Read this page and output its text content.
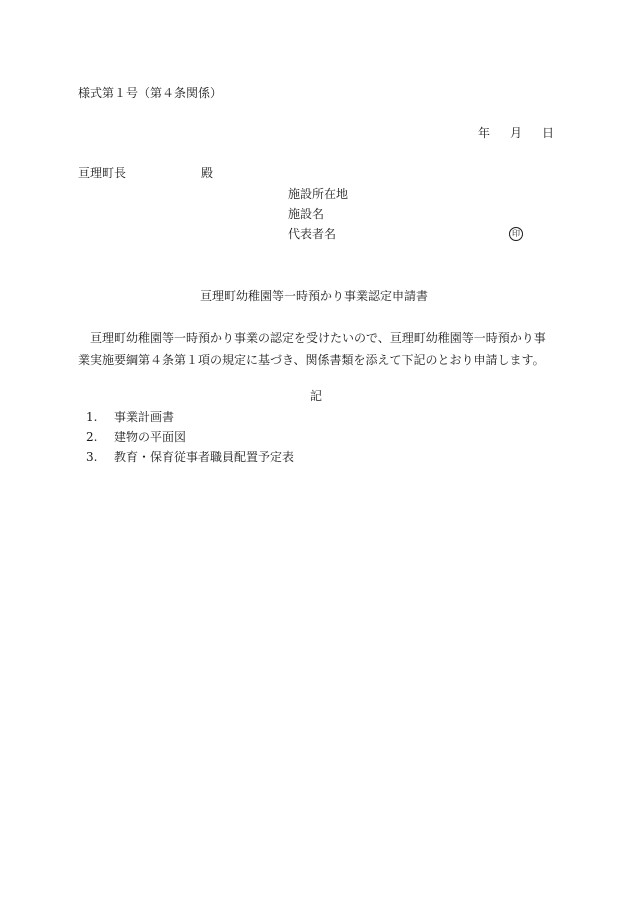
様式第１号（第４条関係）
年 月 日
亘理町長	殿
施設所在地
施設名
代表者名	印
亘理町幼稚園等一時預かり事業認定申請書

　亘理町幼稚園等一時預かり事業の認定を受けたいので、亘理町幼稚園等一時預かり事

業実施要綱第４条第１項の規定に基づき、関係書類を添えて下記のとおり申請します。

記
1.	事業計画書
2.	建物の平面図
3.	教育・保育従事者職員配置予定表
